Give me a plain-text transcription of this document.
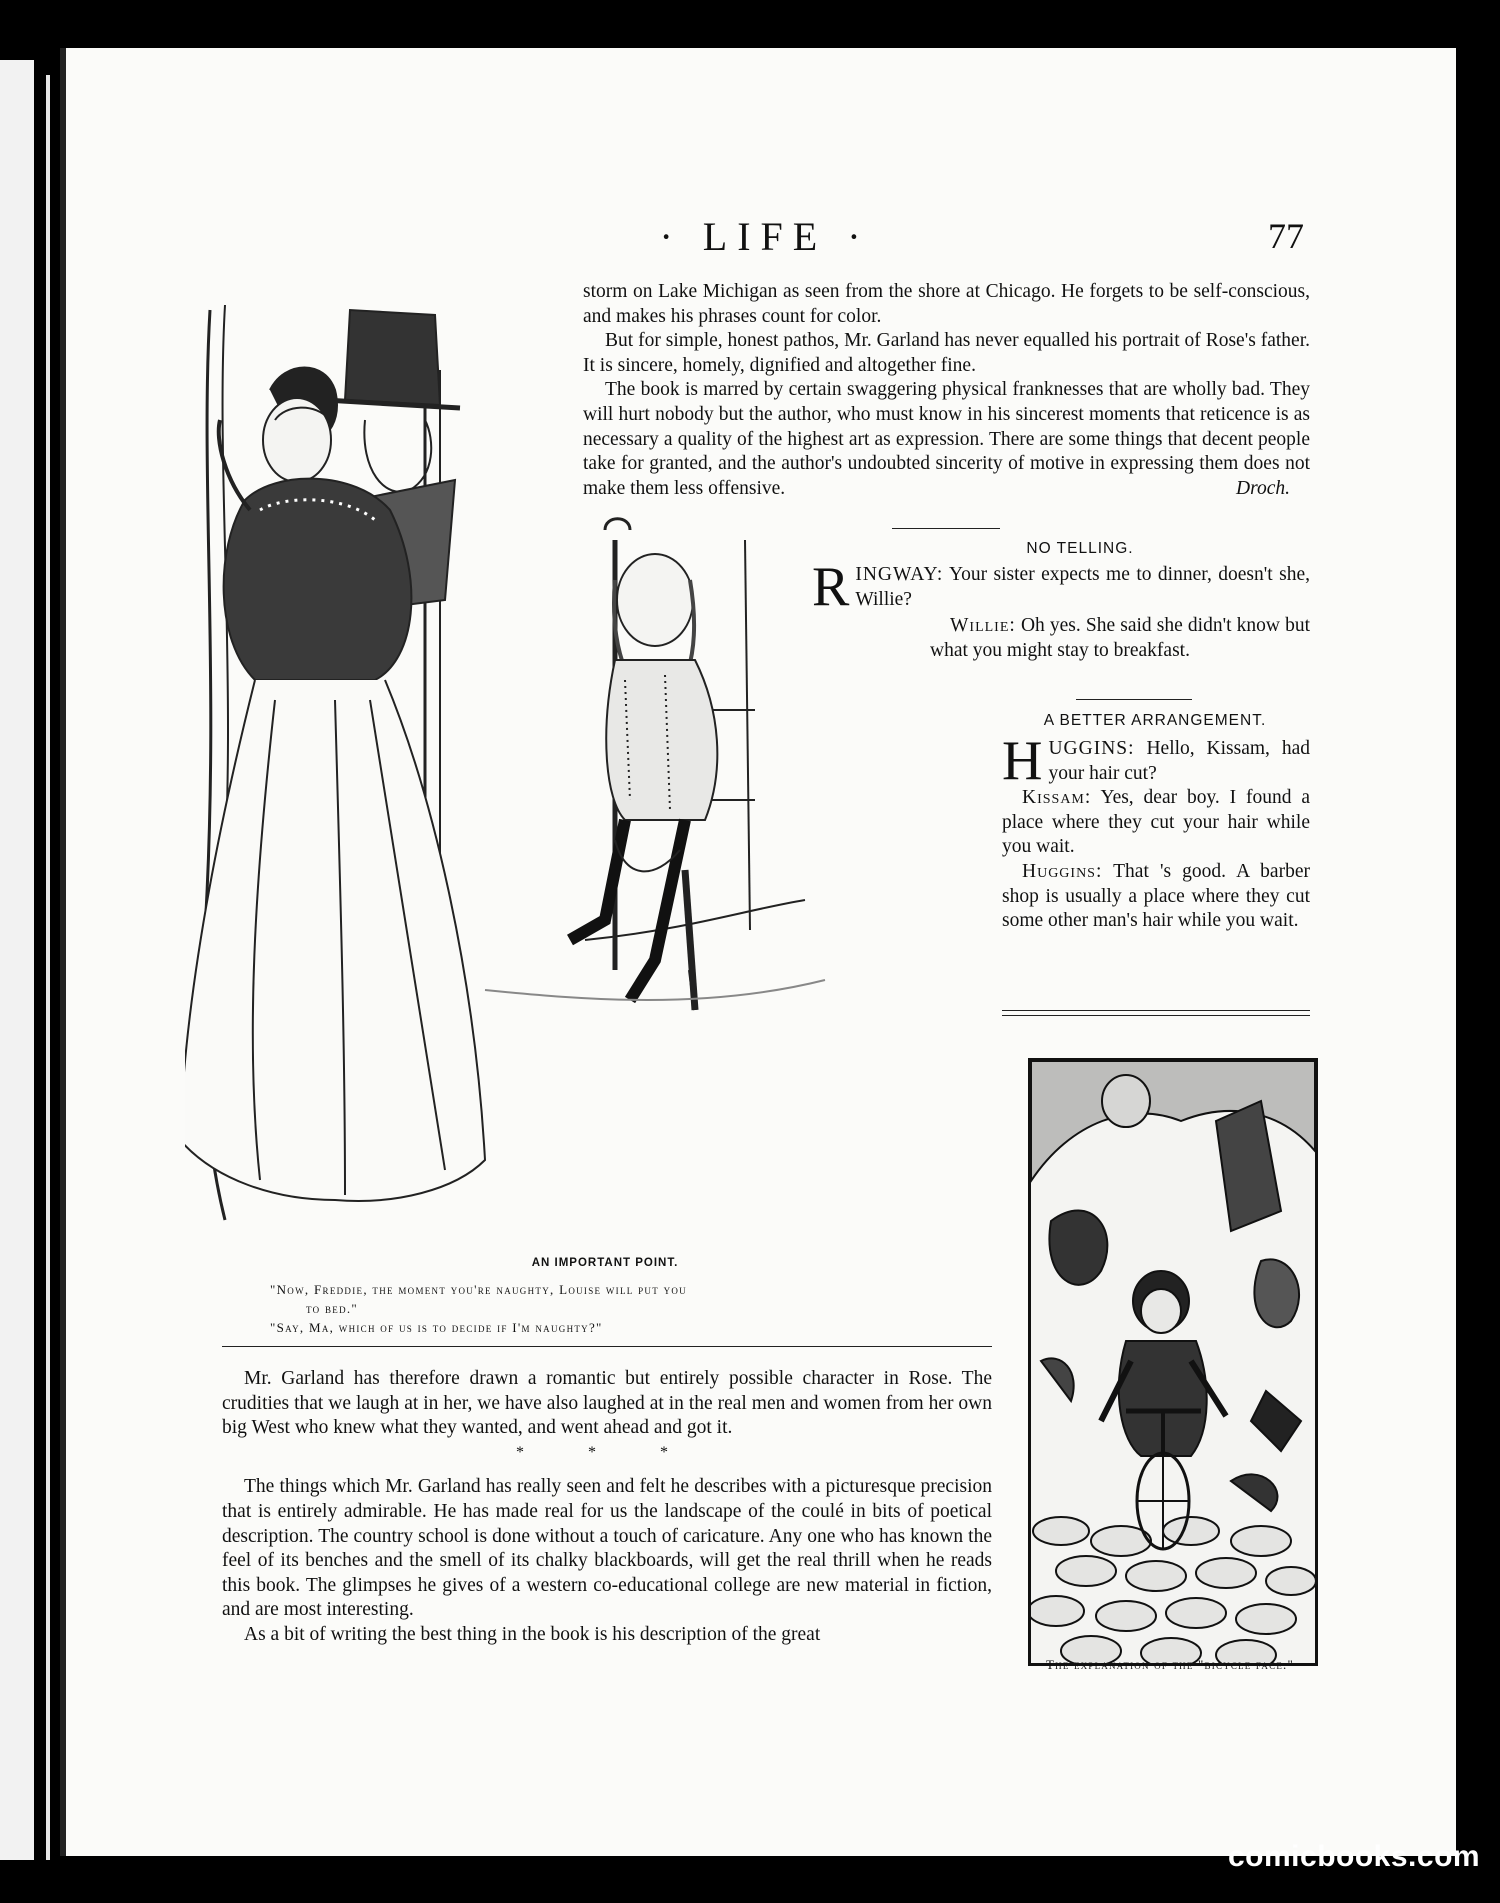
· LIFE ·	77

storm on Lake Michigan as seen from the shore at Chicago. He forgets to be self-conscious, and makes his phrases count for color.

But for simple, honest pathos, Mr. Garland has never equalled his portrait of Rose's father. It is sincere, homely, dignified and altogether fine.

The book is marred by certain swaggering physical franknesses that are wholly bad. They will hurt nobody but the author, who must know in his sincerest moments that reticence is as necessary a quality of the highest art as expression. There are some things that decent people take for granted, and the author's undoubted sincerity of motive in expressing them does not make them less offensive.	Droch.
NO TELLING.

RINGWAY: Your sister expects me to dinner, doesn't she, Willie?

Willie: Oh yes. She said she didn't know but what you might stay to breakfast.

A BETTER ARRANGEMENT.

HUGGINS: Hello, Kissam, had your hair cut?

Kissam: Yes, dear boy. I found a place where they cut your hair while you wait.

Huggins: That 's good. A barber shop is usually a place where they cut some other man's hair while you wait.

AN IMPORTANT POINT.

"Now, Freddie, the moment you're naughty, Louise will put you

to bed."

"Say, Ma, which of us is to decide if I'm naughty?"

Mr. Garland has therefore drawn a romantic but entirely possible character in Rose. The crudities that we laugh at in her, we have also laughed at in the real men and women from her own big West who knew what they wanted, and went ahead and got it.

* * *

The things which Mr. Garland has really seen and felt he describes with a picturesque precision that is entirely admirable. He has made real for us the landscape of the coulé in bits of poetical description. The country school is done without a touch of caricature. Any one who has known the feel of its benches and the smell of its chalky blackboards, will get the real thrill when he reads this book. The glimpses he gives of a western co-educational college are new material in fiction, and are most interesting.

As a bit of writing the best thing in the book is his description of the great

The explanation of the "bicycle face."
comicbooks.com
